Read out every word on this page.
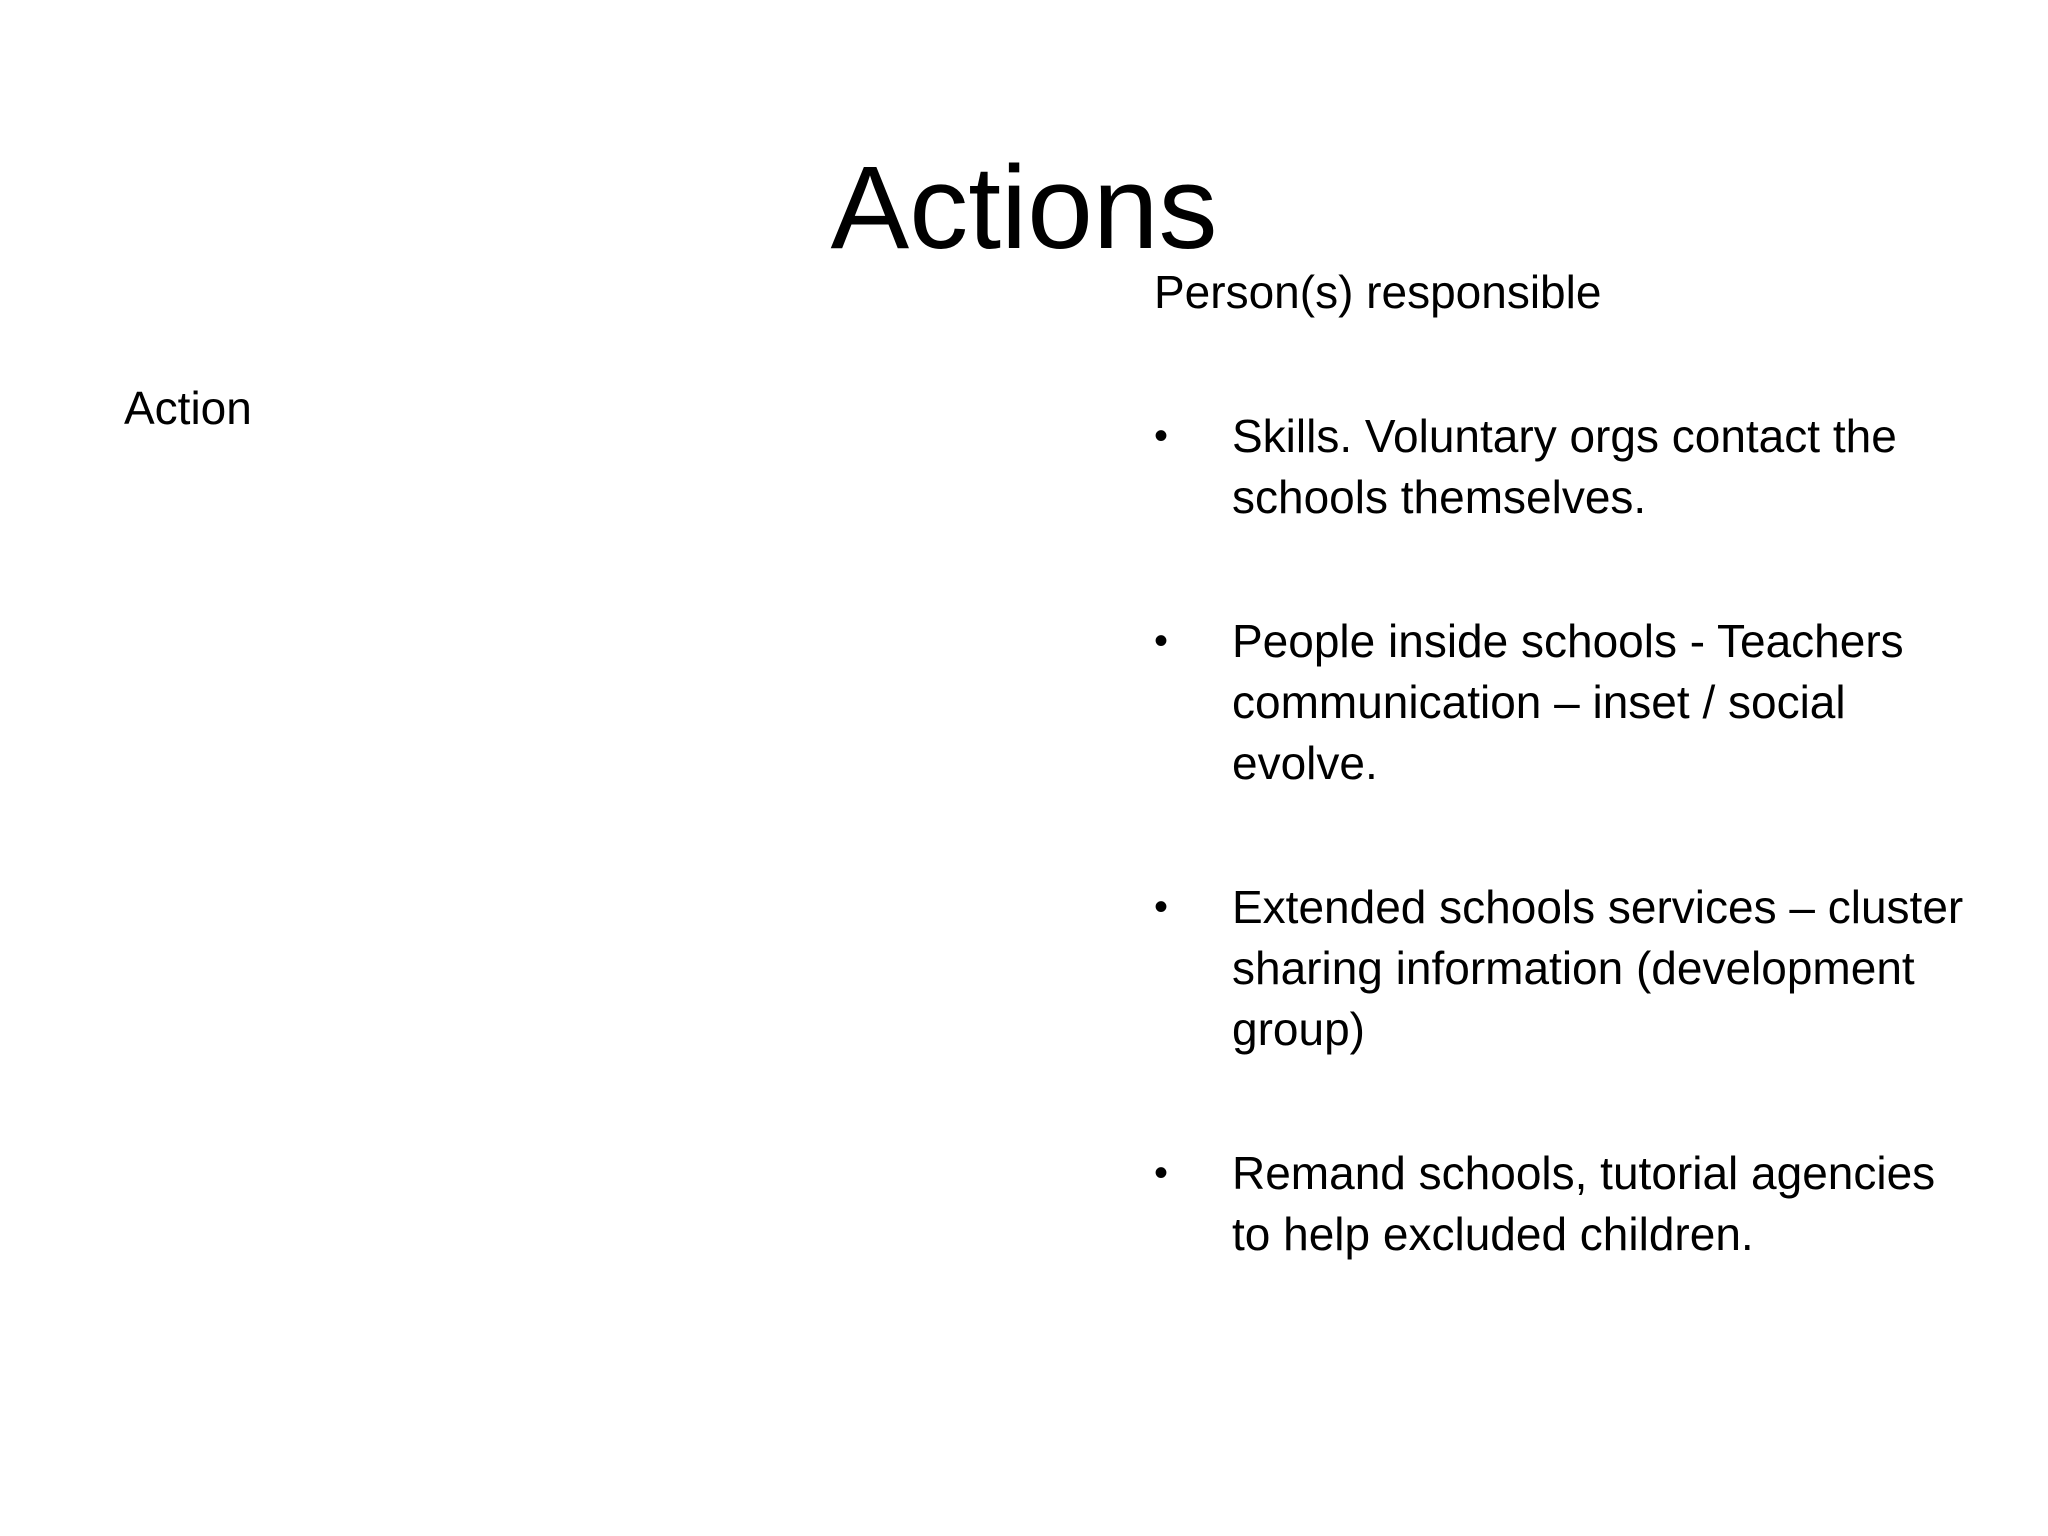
Actions

Action

Person(s) responsible

•	Skills. Voluntary orgs contact the schools themselves.
•	People inside schools - Teachers communication – inset / social evolve.
•	Extended schools services – cluster sharing information (development group)
•	Remand schools, tutorial agencies to help excluded children.
